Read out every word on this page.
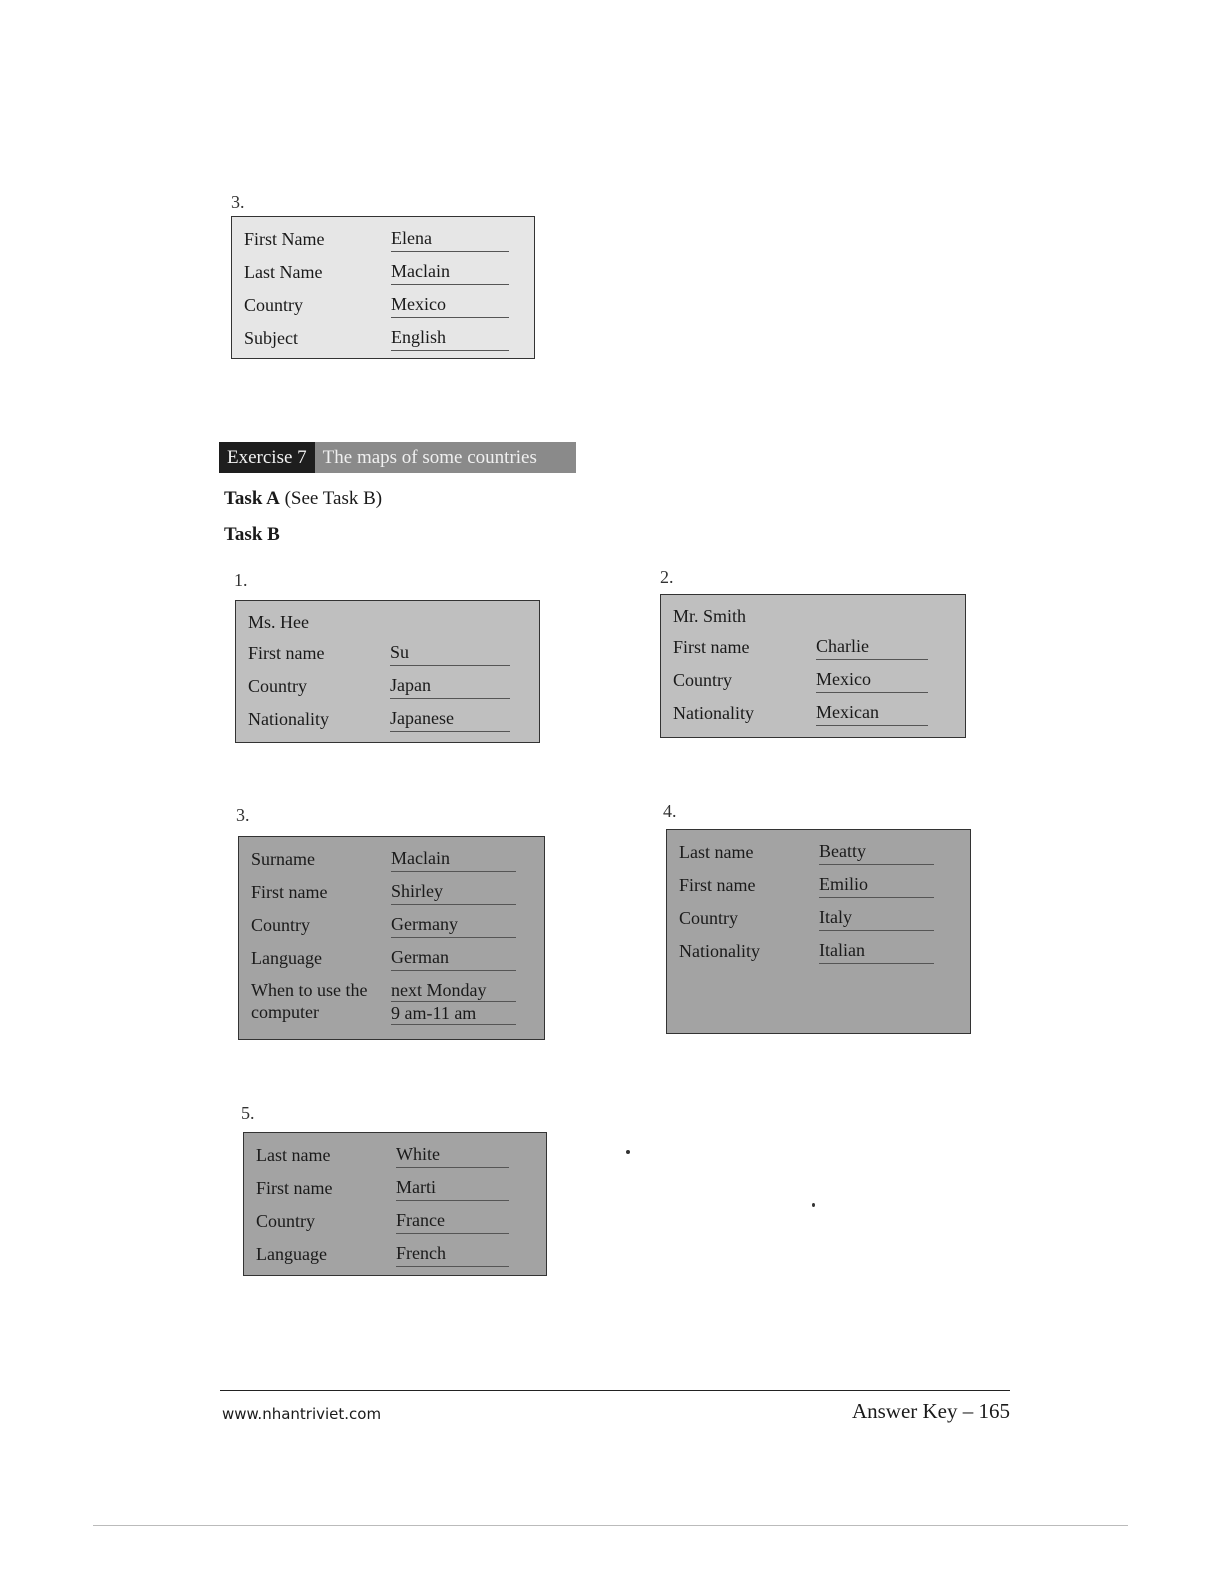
3.
First Name	Elena
Last Name	Maclain
Country	Mexico
Subject	English
Exercise 7 The maps of some countries
Task A (See Task B)
Task B
1.
Ms. Hee
First name	Su
Country	Japan
Nationality	Japanese
2.
Mr. Smith
First name	Charlie
Country	Mexico
Nationality	Mexican
3.
Surname	Maclain
First name	Shirley
Country	Germany
Language	German
When to use the computer
next Monday
9 am-11 am
4.
Last name	Beatty
First name	Emilio
Country	Italy
Nationality	Italian
5.
Last name	White
First name	Marti
Country	France
Language	French
www.nhantriviet.com	Answer Key – 165
